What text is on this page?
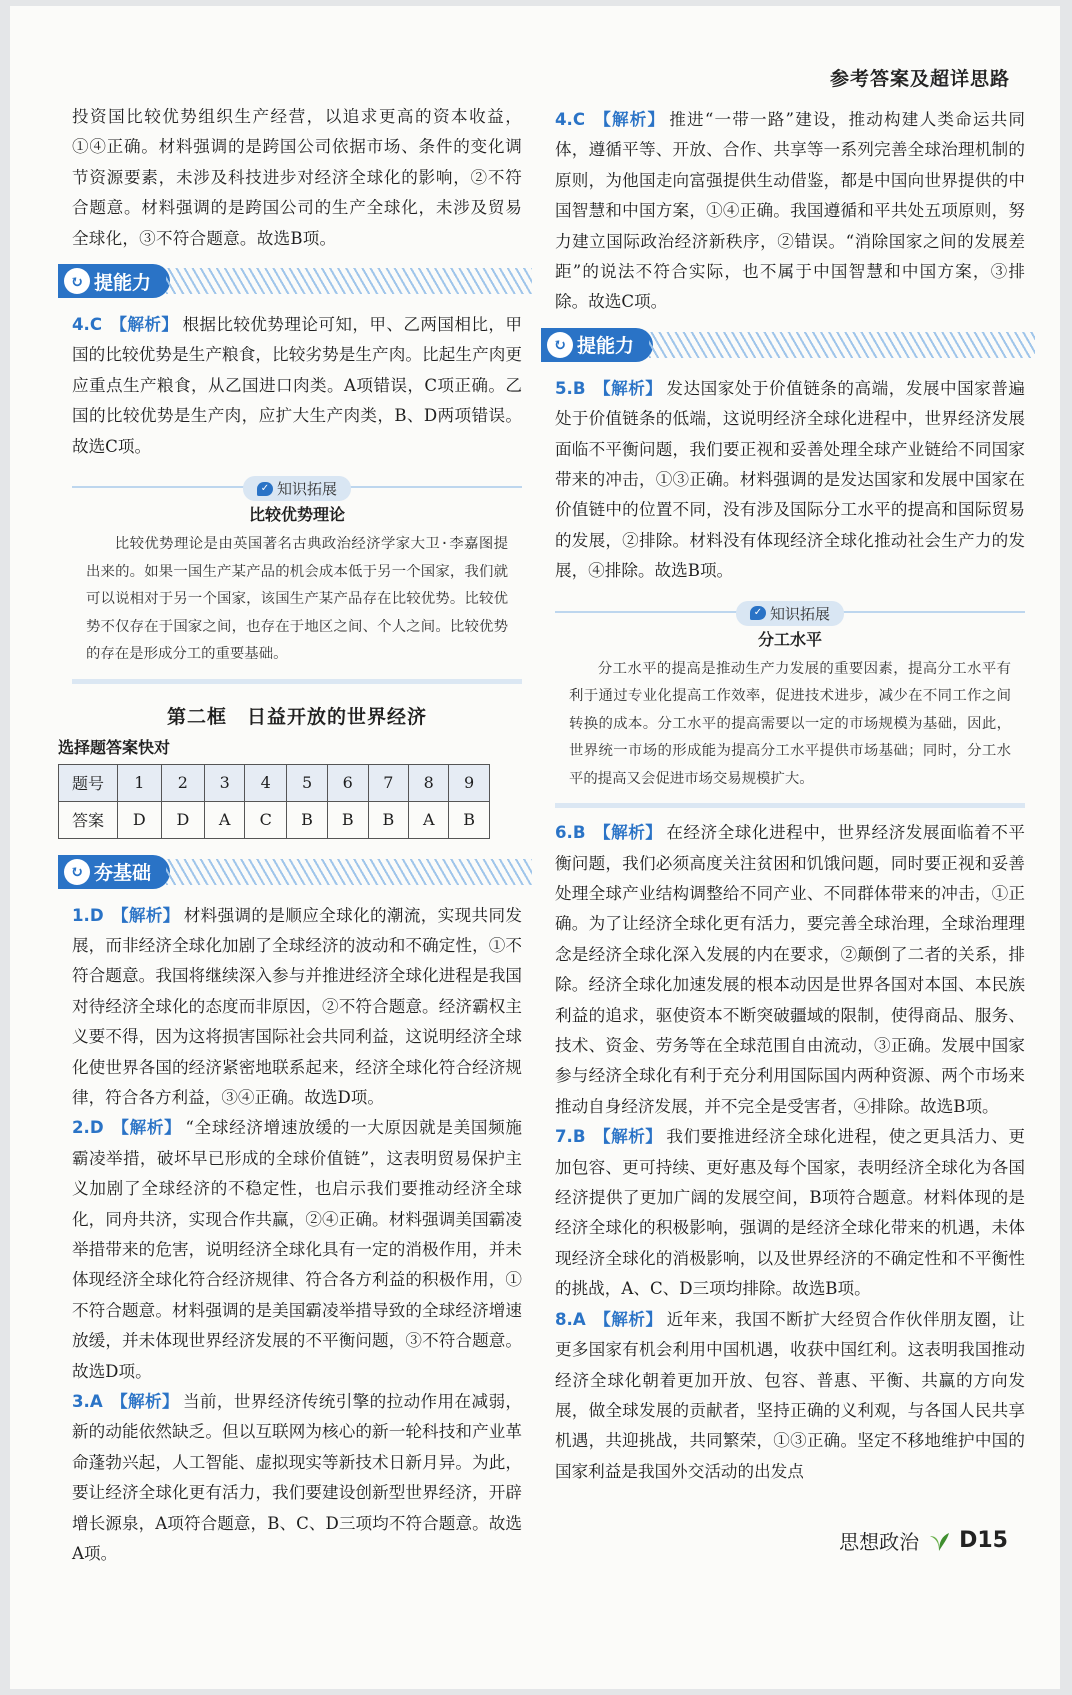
参考答案及超详思路

投资国比较优势组织生产经营，以追求更高的资本收益，①④正确。材料强调的是跨国公司依据市场、条件的变化调节资源要素，未涉及科技进步对经济全球化的影响，②不符合题意。材料强调的是跨国公司的生产全球化，未涉及贸易全球化，③不符合题意。故选B项。

↻ 提能力

4.C 【解析】 根据比较优势理论可知，甲、乙两国相比，甲国的比较优势是生产粮食，比较劣势是生产肉。比起生产肉更应重点生产粮食，从乙国进口肉类。A项错误，C项正确。乙国的比较优势是生产肉，应扩大生产肉类，B、D两项错误。故选C项。

✓ 知识拓展
比较优势理论
比较优势理论是由英国著名古典政治经济学家大卫·李嘉图提出来的。如果一国生产某产品的机会成本低于另一个国家，我们就可以说相对于另一个国家，该国生产某产品存在比较优势。比较优势不仅存在于国家之间，也存在于地区之间、个人之间。比较优势的存在是形成分工的重要基础。
第二框　日益开放的世界经济
选择题答案快对
题号	1	2	3	4	5	6	7	8	9
答案	D	D	A	C	B	B	B	A	B
↻ 夯基础

1.D 【解析】 材料强调的是顺应全球化的潮流，实现共同发展，而非经济全球化加剧了全球经济的波动和不确定性，①不符合题意。我国将继续深入参与并推进经济全球化进程是我国对待经济全球化的态度而非原因，②不符合题意。经济霸权主义要不得，因为这将损害国际社会共同利益，这说明经济全球化使世界各国的经济紧密地联系起来，经济全球化符合经济规律，符合各方利益，③④正确。故选D项。

2.D 【解析】 “全球经济增速放缓的一大原因就是美国频施霸凌举措，破坏早已形成的全球价值链”，这表明贸易保护主义加剧了全球经济的不稳定性，也启示我们要推动经济全球化，同舟共济，实现合作共赢，②④正确。材料强调美国霸凌举措带来的危害，说明经济全球化具有一定的消极作用，并未体现经济全球化符合经济规律、符合各方利益的积极作用，①不符合题意。材料强调的是美国霸凌举措导致的全球经济增速放缓，并未体现世界经济发展的不平衡问题，③不符合题意。故选D项。

3.A 【解析】 当前，世界经济传统引擎的拉动作用在减弱，新的动能依然缺乏。但以互联网为核心的新一轮科技和产业革命蓬勃兴起，人工智能、虚拟现实等新技术日新月异。为此，要让经济全球化更有活力，我们要建设创新型世界经济，开辟增长源泉，A项符合题意，B、C、D三项均不符合题意。故选A项。

4.C 【解析】 推进“一带一路”建设，推动构建人类命运共同体，遵循平等、开放、合作、共享等一系列完善全球治理机制的原则，为他国走向富强提供生动借鉴，都是中国向世界提供的中国智慧和中国方案，①④正确。我国遵循和平共处五项原则，努力建立国际政治经济新秩序，②错误。“消除国家之间的发展差距”的说法不符合实际，也不属于中国智慧和中国方案，③排除。故选C项。

↻ 提能力

5.B 【解析】 发达国家处于价值链条的高端，发展中国家普遍处于价值链条的低端，这说明经济全球化进程中，世界经济发展面临不平衡问题，我们要正视和妥善处理全球产业链给不同国家带来的冲击，①③正确。材料强调的是发达国家和发展中国家在价值链中的位置不同，没有涉及国际分工水平的提高和国际贸易的发展，②排除。材料没有体现经济全球化推动社会生产力的发展，④排除。故选B项。

✓ 知识拓展
分工水平
分工水平的提高是推动生产力发展的重要因素，提高分工水平有利于通过专业化提高工作效率，促进技术进步，减少在不同工作之间转换的成本。分工水平的提高需要以一定的市场规模为基础，因此，世界统一市场的形成能为提高分工水平提供市场基础；同时，分工水平的提高又会促进市场交易规模扩大。

6.B 【解析】 在经济全球化进程中，世界经济发展面临着不平衡问题，我们必须高度关注贫困和饥饿问题，同时要正视和妥善处理全球产业结构调整给不同产业、不同群体带来的冲击，①正确。为了让经济全球化更有活力，要完善全球治理，全球治理理念是经济全球化深入发展的内在要求，②颠倒了二者的关系，排除。经济全球化加速发展的根本动因是世界各国对本国、本民族利益的追求，驱使资本不断突破疆域的限制，使得商品、服务、技术、资金、劳务等在全球范围自由流动，③正确。发展中国家参与经济全球化有利于充分利用国际国内两种资源、两个市场来推动自身经济发展，并不完全是受害者，④排除。故选B项。

7.B 【解析】 我们要推进经济全球化进程，使之更具活力、更加包容、更可持续、更好惠及每个国家，表明经济全球化为各国经济提供了更加广阔的发展空间，B项符合题意。材料体现的是经济全球化的积极影响，强调的是经济全球化带来的机遇，未体现经济全球化的消极影响，以及世界经济的不确定性和不平衡性的挑战，A、C、D三项均排除。故选B项。

8.A 【解析】 近年来，我国不断扩大经贸合作伙伴朋友圈，让更多国家有机会利用中国机遇，收获中国红利。这表明我国推动经济全球化朝着更加开放、包容、普惠、平衡、共赢的方向发展，做全球发展的贡献者，坚持正确的义利观，与各国人民共享机遇，共迎挑战，共同繁荣，①③正确。坚定不移地维护中国的国家利益是我国外交活动的出发点

思想政治 D15
